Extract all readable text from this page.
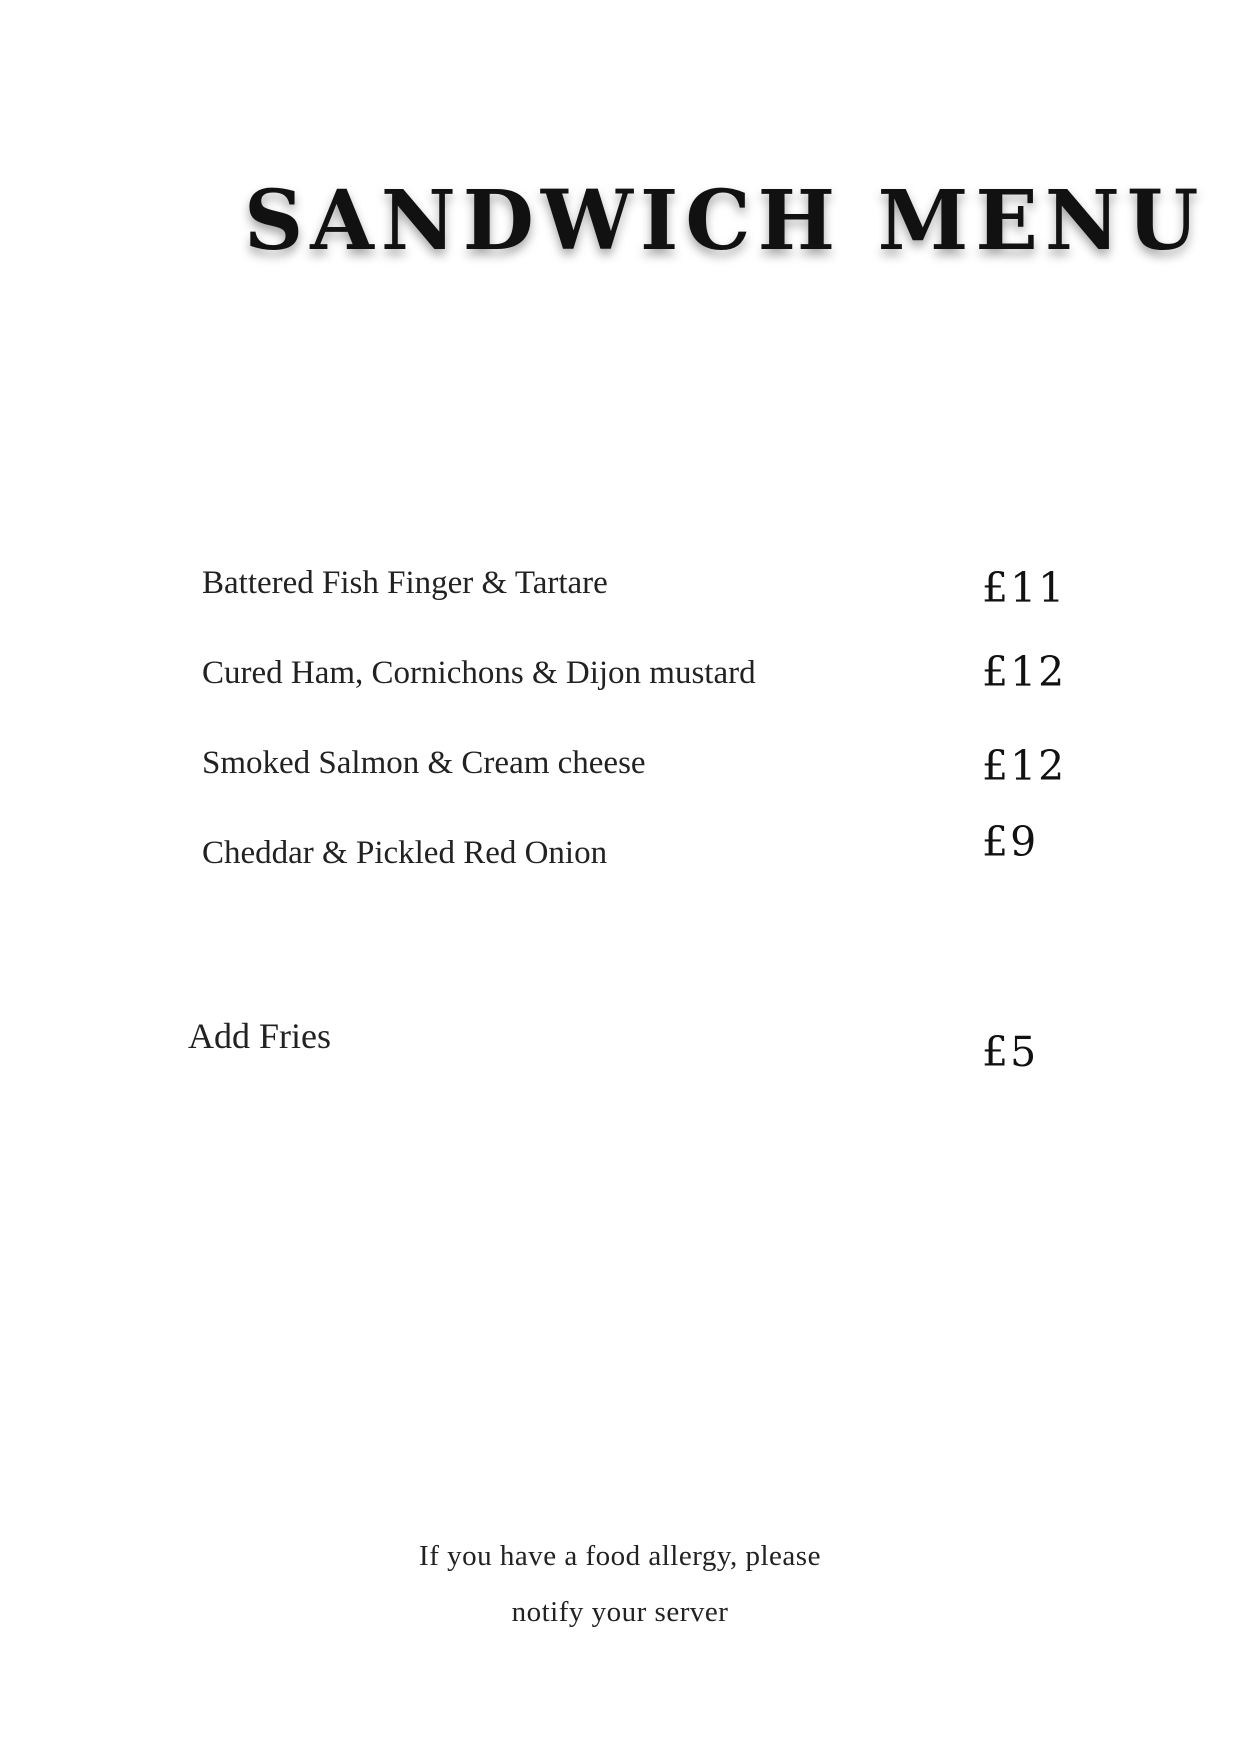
SANDWICH MENU

Battered Fish Finger & Tartare	£11

Cured Ham, Cornichons & Dijon mustard	£12

Smoked Salmon & Cream cheese	£12

Cheddar & Pickled Red Onion	£9

Add Fries	£5

If you have a food allergy, please
notify your server
